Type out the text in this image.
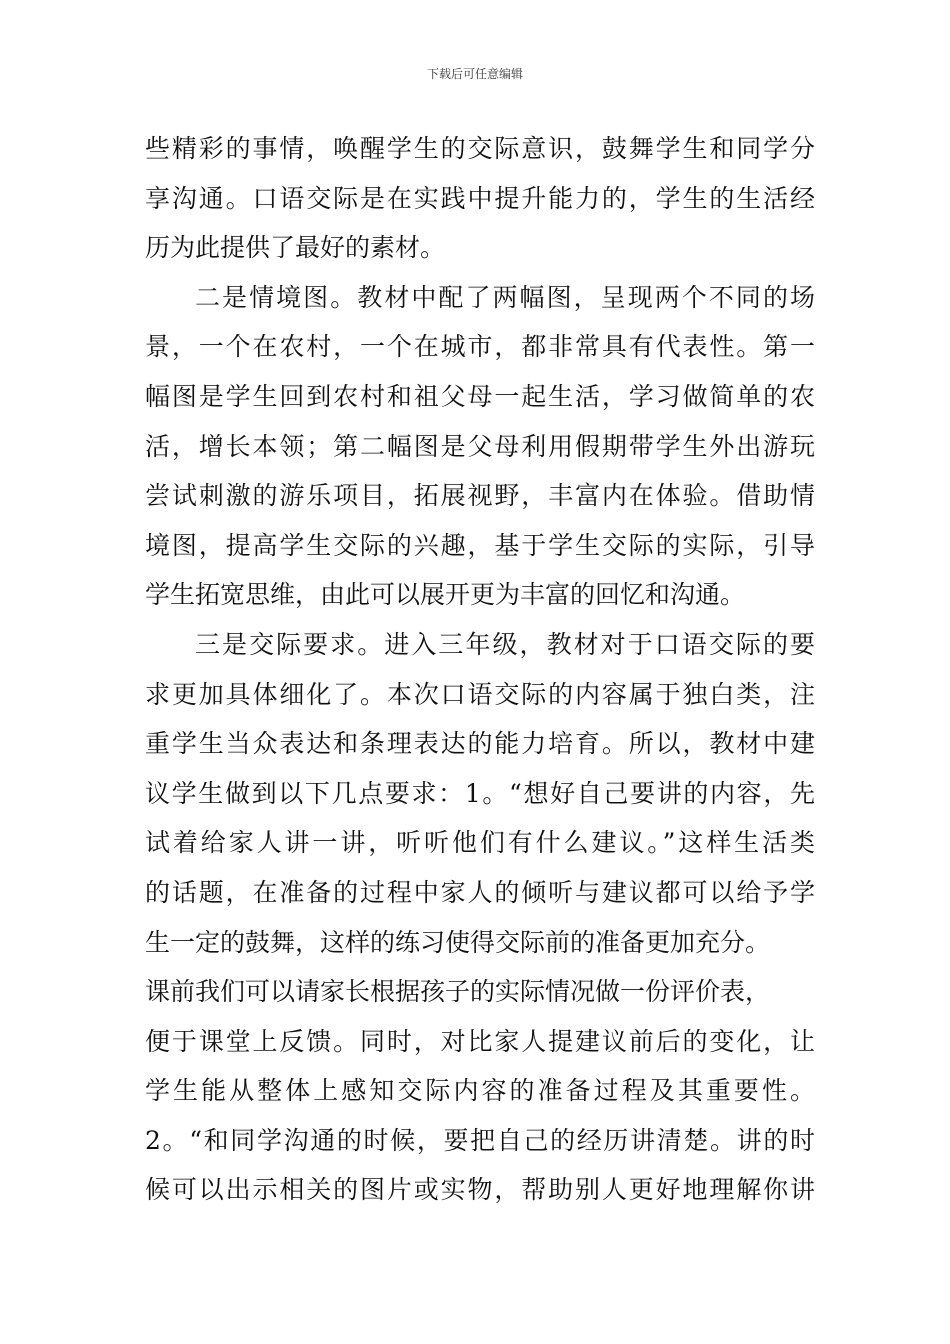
下载后可任意编辑
些精彩的事情，唤醒学生的交际意识，鼓舞学生和同学分
享沟通。口语交际是在实践中提升能力的，学生的生活经
历为此提供了最好的素材。
二是情境图。教材中配了两幅图，呈现两个不同的场
景，一个在农村，一个在城市，都非常具有代表性。第一
幅图是学生回到农村和祖父母一起生活，学习做简单的农
活，增长本领；第二幅图是父母利用假期带学生外出游玩
尝试刺激的游乐项目，拓展视野，丰富内在体验。借助情
境图，提高学生交际的兴趣，基于学生交际的实际，引导
学生拓宽思维，由此可以展开更为丰富的回忆和沟通。
三是交际要求。进入三年级，教材对于口语交际的要
求更加具体细化了。本次口语交际的内容属于独白类，注
重学生当众表达和条理表达的能力培育。所以，教材中建
议学生做到以下几点要求：1。“想好自己要讲的内容，先
试着给家人讲一讲，听听他们有什么建议。”这样生活类
的话题，在准备的过程中家人的倾听与建议都可以给予学
生一定的鼓舞，这样的练习使得交际前的准备更加充分。
课前我们可以请家长根据孩子的实际情况做一份评价表，
便于课堂上反馈。同时，对比家人提建议前后的变化，让
学生能从整体上感知交际内容的准备过程及其重要性。
2。“和同学沟通的时候，要把自己的经历讲清楚。讲的时
候可以出示相关的图片或实物，帮助别人更好地理解你讲
